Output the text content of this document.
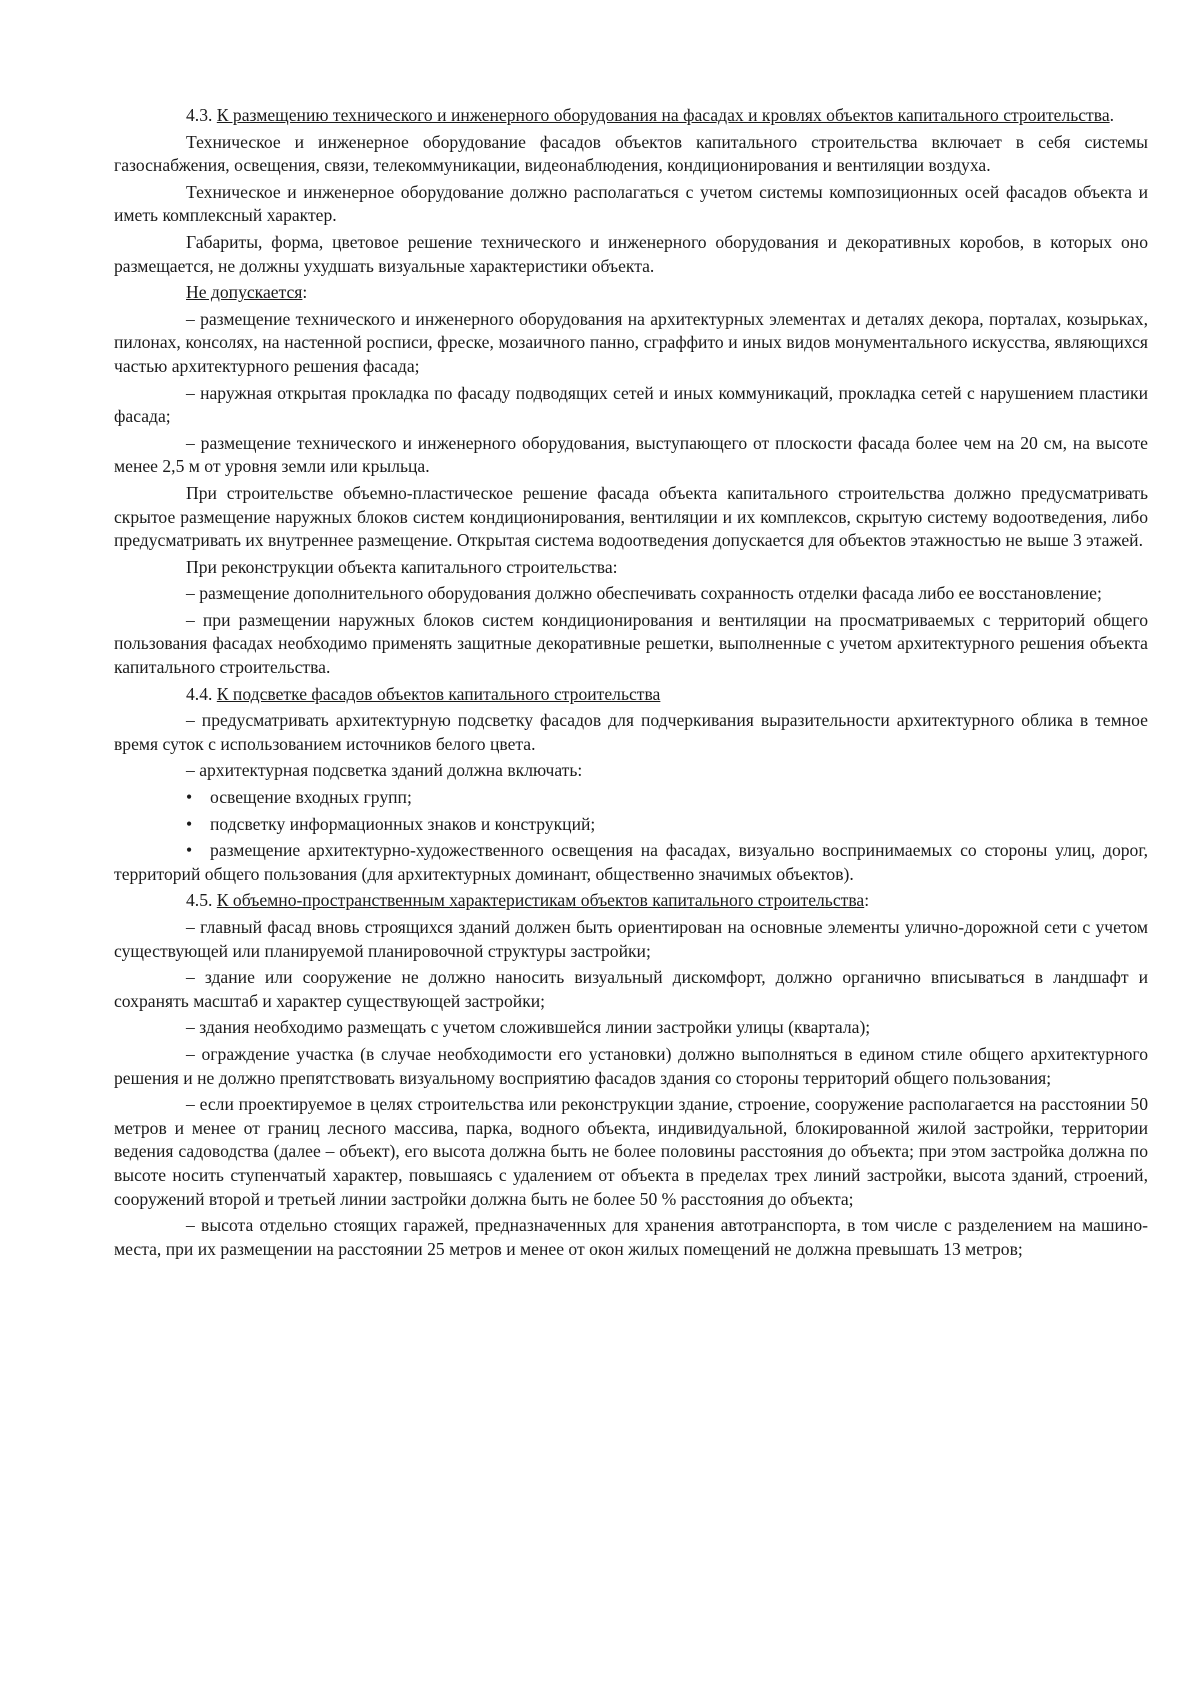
4.3. К размещению технического и инженерного оборудования на фасадах и кровлях объектов капитального строительства.

Техническое и инженерное оборудование фасадов объектов капитального строительства включает в себя системы газоснабжения, освещения, связи, телекоммуникации, видеонаблюдения, кондиционирования и вентиляции воздуха.

Техническое и инженерное оборудование должно располагаться с учетом системы композиционных осей фасадов объекта и иметь комплексный характер.

Габариты, форма, цветовое решение технического и инженерного оборудования и декоративных коробов, в которых оно размещается, не должны ухудшать визуальные характеристики объекта.

Не допускается:

– размещение технического и инженерного оборудования на архитектурных элементах и деталях декора, порталах, козырьках, пилонах, консолях, на настенной росписи, фреске, мозаичного панно, сграффито и иных видов монументального искусства, являющихся частью архитектурного решения фасада;

– наружная открытая прокладка по фасаду подводящих сетей и иных коммуникаций, прокладка сетей с нарушением пластики фасада;

– размещение технического и инженерного оборудования, выступающего от плоскости фасада более чем на 20 см, на высоте менее 2,5 м от уровня земли или крыльца.

При строительстве объемно-пластическое решение фасада объекта капитального строительства должно предусматривать скрытое размещение наружных блоков систем кондиционирования, вентиляции и их комплексов, скрытую систему водоотведения, либо предусматривать их внутреннее размещение. Открытая система водоотведения допускается для объектов этажностью не выше 3 этажей.

При реконструкции объекта капитального строительства:

– размещение дополнительного оборудования должно обеспечивать сохранность отделки фасада либо ее восстановление;

– при размещении наружных блоков систем кондиционирования и вентиляции на просматриваемых с территорий общего пользования фасадах необходимо применять защитные декоративные решетки, выполненные с учетом архитектурного решения объекта капитального строительства.

4.4. К подсветке фасадов объектов капитального строительства

– предусматривать архитектурную подсветку фасадов для подчеркивания выразительности архитектурного облика в темное время суток с использованием источников белого цвета.

– архитектурная подсветка зданий должна включать:

• освещение входных групп;

• подсветку информационных знаков и конструкций;

• размещение архитектурно-художественного освещения на фасадах, визуально воспринимаемых со стороны улиц, дорог, территорий общего пользования (для архитектурных доминант, общественно значимых объектов).

4.5. К объемно-пространственным характеристикам объектов капитального строительства:

– главный фасад вновь строящихся зданий должен быть ориентирован на основные элементы улично-дорожной сети с учетом существующей или планируемой планировочной структуры застройки;

– здание или сооружение не должно наносить визуальный дискомфорт, должно органично вписываться в ландшафт и сохранять масштаб и характер существующей застройки;

– здания необходимо размещать с учетом сложившейся линии застройки улицы (квартала);

– ограждение участка (в случае необходимости его установки) должно выполняться в едином стиле общего архитектурного решения и не должно препятствовать визуальному восприятию фасадов здания со стороны территорий общего пользования;

– если проектируемое в целях строительства или реконструкции здание, строение, сооружение располагается на расстоянии 50 метров и менее от границ лесного массива, парка, водного объекта, индивидуальной, блокированной жилой застройки, территории ведения садоводства (далее – объект), его высота должна быть не более половины расстояния до объекта; при этом застройка должна по высоте носить ступенчатый характер, повышаясь с удалением от объекта в пределах трех линий застройки, высота зданий, строений, сооружений второй и третьей линии застройки должна быть не более 50 % расстояния до объекта;

– высота отдельно стоящих гаражей, предназначенных для хранения автотранспорта, в том числе с разделением на машино-места, при их размещении на расстоянии 25 метров и менее от окон жилых помещений не должна превышать 13 метров;
